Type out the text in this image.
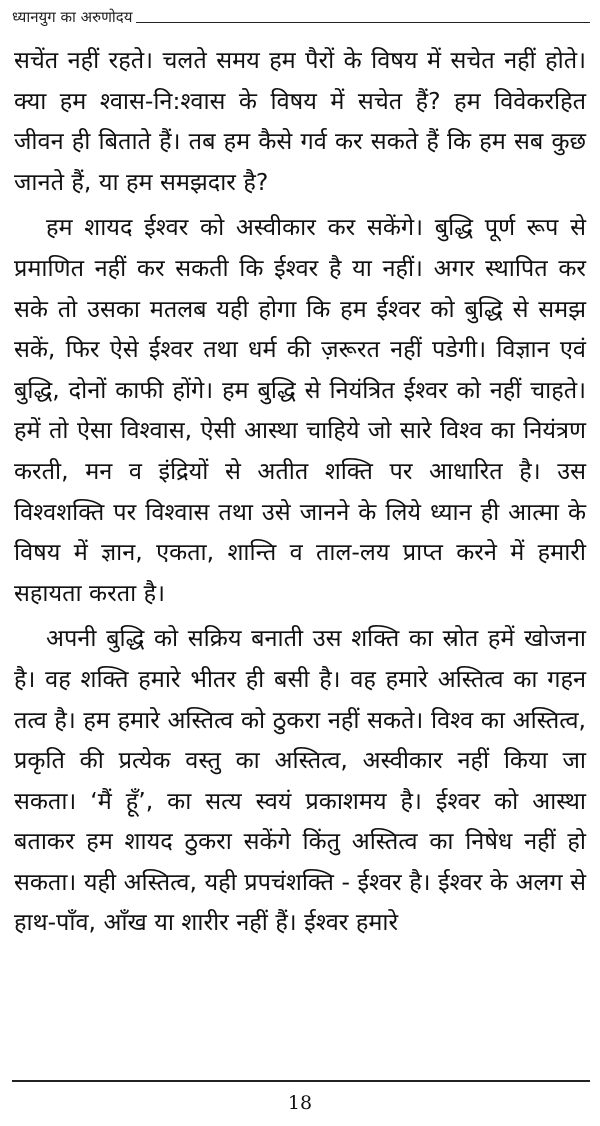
ध्यानयुग का अरुणोदय

सचेंत नहीं रहते। चलते समय हम पैरों के विषय में सचेत नहीं होते। क्या हम श्वास-नि:श्वास के विषय में सचेत हैं? हम विवेकरहित जीवन ही बिताते हैं। तब हम कैसे गर्व कर सकते हैं कि हम सब कुछ जानते हैं, या हम समझदार है?

हम शायद ईश्वर को अस्वीकार कर सकेंगे। बुद्धि पूर्ण रूप से प्रमाणित नहीं कर सकती कि ईश्वर है या नहीं। अगर स्थापित कर सके तो उसका मतलब यही होगा कि हम ईश्वर को बुद्धि से समझ सकें, फिर ऐसे ईश्वर तथा धर्म की ज़रूरत नहीं पडेगी। विज्ञान एवं बुद्धि, दोनों काफी होंगे। हम बुद्धि से नियंत्रित ईश्वर को नहीं चाहते। हमें तो ऐसा विश्वास, ऐसी आस्था चाहिये जो सारे विश्व का नियंत्रण करती, मन व इंद्रियों से अतीत शक्ति पर आधारित है। उस विश्वशक्ति पर विश्वास तथा उसे जानने के लिये ध्यान ही आत्मा के विषय में ज्ञान, एकता, शान्ति व ताल-लय प्राप्त करने में हमारी सहायता करता है।

अपनी बुद्धि को सक्रिय बनाती उस शक्ति का स्रोत हमें खोजना है। वह शक्ति हमारे भीतर ही बसी है। वह हमारे अस्तित्व का गहन तत्व है। हम हमारे अस्तित्व को ठुकरा नहीं सकते। विश्व का अस्तित्व, प्रकृति की प्रत्येक वस्तु का अस्तित्व, अस्वीकार नहीं किया जा सकता। ‘मैं हूँ’, का सत्य स्वयं प्रकाशमय है। ईश्वर को आस्था बताकर हम शायद ठुकरा सकेंगे किंतु अस्तित्व का निषेध नहीं हो सकता। यही अस्तित्व, यही प्रपचंशक्ति - ईश्वर है। ईश्वर के अलग से हाथ-पाँव, आँख या शारीर नहीं हैं। ईश्वर हमारे

18
